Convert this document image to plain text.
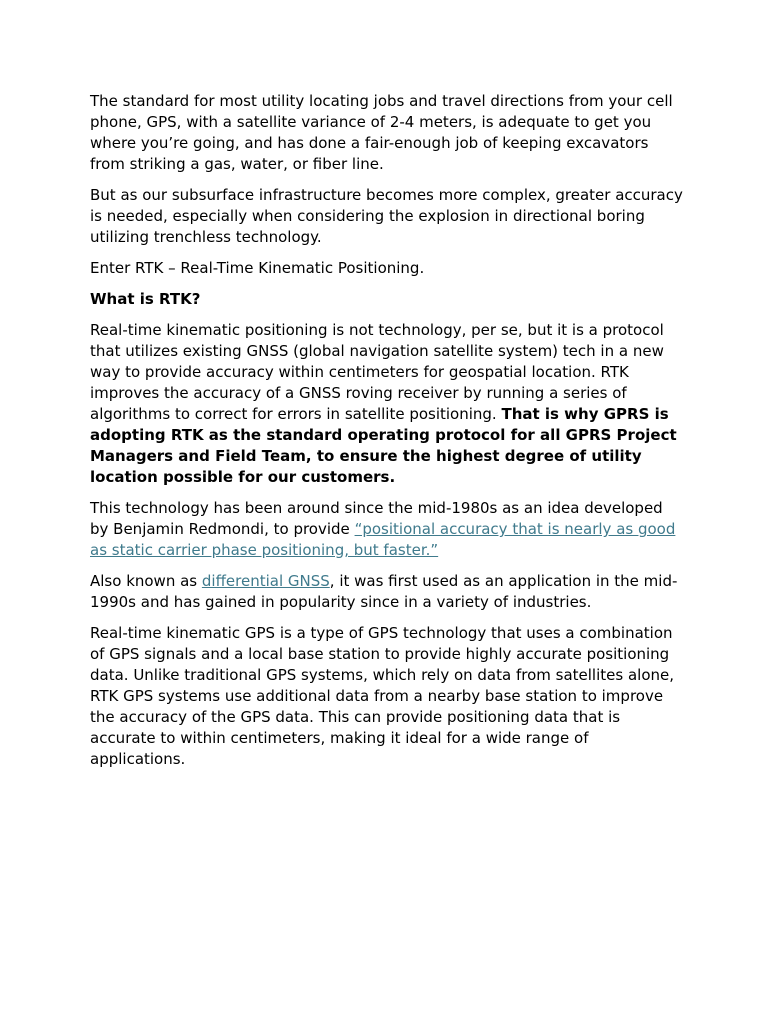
The standard for most utility locating jobs and travel directions from your cell phone, GPS, with a satellite variance of 2-4 meters, is adequate to get you where you’re going, and has done a fair-enough job of keeping excavators from striking a gas, water, or fiber line.

But as our subsurface infrastructure becomes more complex, greater accuracy is needed, especially when considering the explosion in directional boring utilizing trenchless technology.

Enter RTK – Real-Time Kinematic Positioning.

What is RTK?

Real-time kinematic positioning is not technology, per se, but it is a protocol that utilizes existing GNSS (global navigation satellite system) tech in a new way to provide accuracy within centimeters for geospatial location. RTK improves the accuracy of a GNSS roving receiver by running a series of algorithms to correct for errors in satellite positioning. That is why GPRS is adopting RTK as the standard operating protocol for all GPRS Project Managers and Field Team, to ensure the highest degree of utility location possible for our customers.

This technology has been around since the mid-1980s as an idea developed by Benjamin Redmondi, to provide “positional accuracy that is nearly as good as static carrier phase positioning, but faster.”

Also known as differential GNSS, it was first used as an application in the mid-1990s and has gained in popularity since in a variety of industries.

Real-time kinematic GPS is a type of GPS technology that uses a combination of GPS signals and a local base station to provide highly accurate positioning data. Unlike traditional GPS systems, which rely on data from satellites alone, RTK GPS systems use additional data from a nearby base station to improve the accuracy of the GPS data. This can provide positioning data that is accurate to within centimeters, making it ideal for a wide range of applications.
